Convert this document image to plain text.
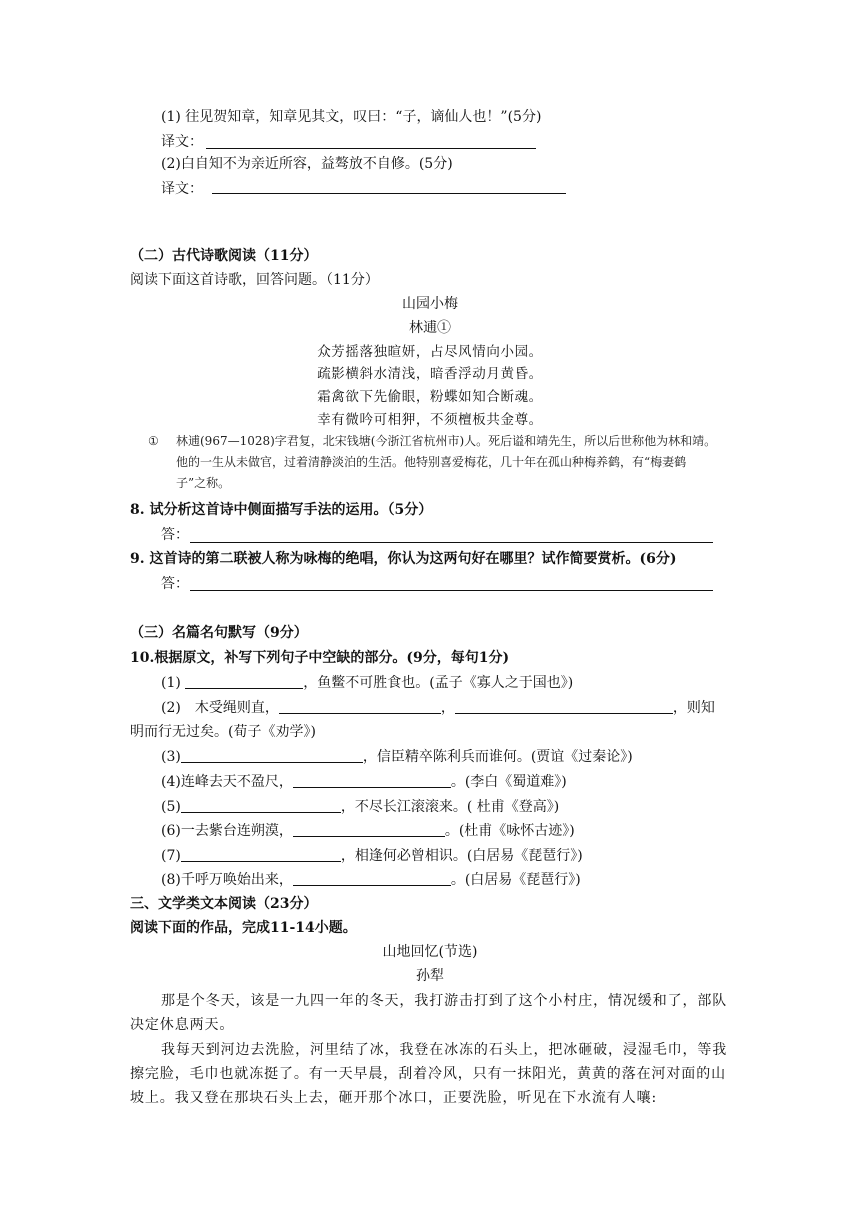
(1) 往见贺知章，知章见其文，叹曰：“子，谪仙人也！”(5分)
译文：
(2)白自知不为亲近所容，益骜放不自修。(5分)
译文：
（二）古代诗歌阅读（11分）
阅读下面这首诗歌，回答问题。（11分）
山园小梅
林逋①
众芳摇落独暄妍，占尽风情向小园。
疏影横斜水清浅，暗香浮动月黄昏。
霜禽欲下先偷眼，粉蝶如知合断魂。
幸有微吟可相狎，不须檀板共金尊。
① 林逋(967—1028)字君复，北宋钱塘(今浙江省杭州市)人。死后谥和靖先生，所以后世称他为林和靖。
他的一生从未做官，过着清静淡泊的生活。他特别喜爱梅花，几十年在孤山种梅养鹤，有“梅妻鹤
子”之称。
8. 试分析这首诗中侧面描写手法的运用。（5分）
答：
9. 这首诗的第二联被人称为咏梅的绝唱，你认为这两句好在哪里？试作简要赏析。(6分)
答：
（三）名篇名句默写（9分）
10.根据原文，补写下列句子中空缺的部分。(9分，每句1分)
(1)	，鱼鳖不可胜食也。(孟子《寡人之于国也》)
(2)　木受绳则直，	，	，则知
明而行无过矣。(荀子《劝学》)
(3)	，信臣精卒陈利兵而谁何。(贾谊《过秦论》)
(4)连峰去天不盈尺，	。(李白《蜀道难》)
(5)	，不尽长江滚滚来。( 杜甫《登高》)
(6)一去紫台连朔漠，	。(杜甫《咏怀古迹》)
(7)	，相逢何必曾相识。(白居易《琵琶行》)
(8)千呼万唤始出来，	。(白居易《琵琶行》)
三、文学类文本阅读（23分）
阅读下面的作品，完成11-14小题。
山地回忆(节选)
孙犁
那是个冬天，该是一九四一年的冬天，我打游击打到了这个小村庄，情况缓和了，部队
决定休息两天。
我每天到河边去洗脸，河里结了冰，我登在冰冻的石头上，把冰砸破，浸湿毛巾，等我
擦完脸，毛巾也就冻挺了。有一天早晨，刮着冷风，只有一抹阳光，黄黄的落在河对面的山
坡上。我又登在那块石头上去，砸开那个冰口，正要洗脸，听见在下水流有人嚷:
